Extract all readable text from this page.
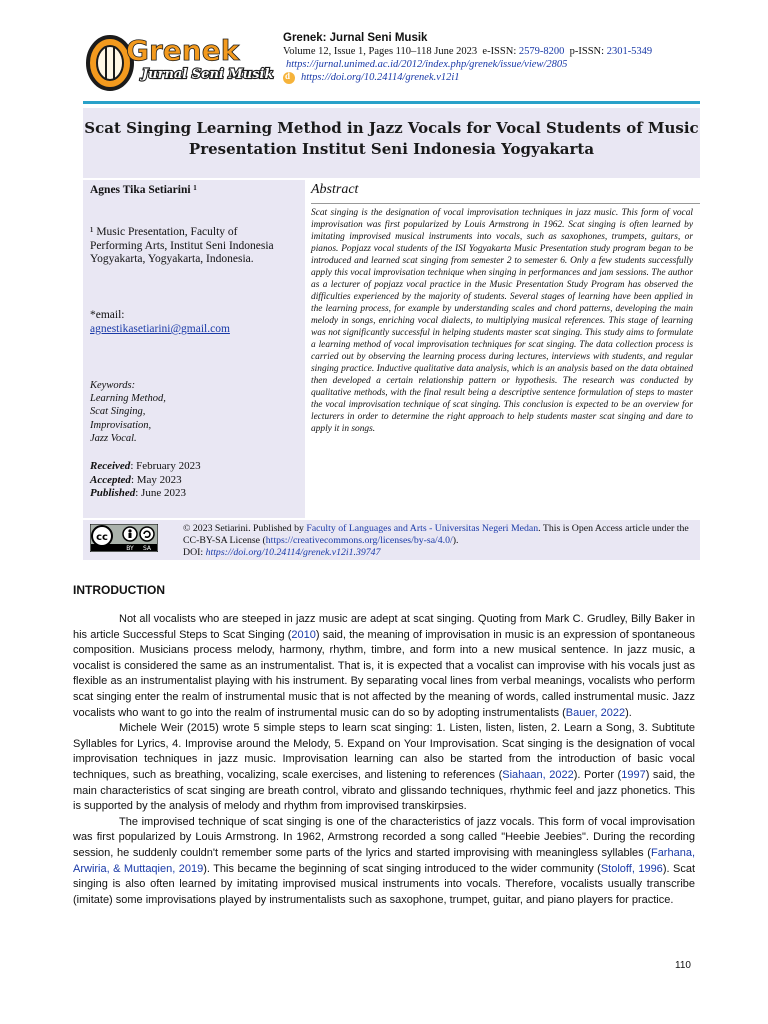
Grenek
Jurnal Seni Musik
Grenek: Jurnal Seni Musik
Volume 12, Issue 1, Pages 110–118 June 2023 e-ISSN: 2579-8200 p-ISSN: 2301-5349
https://jurnal.unimed.ac.id/2012/index.php/grenek/issue/view/2805
d
https://doi.org/10.24114/grenek.v12i1
Scat Singing Learning Method in Jazz Vocals for Vocal Students of Music Presentation Institut Seni Indonesia Yogyakarta
Agnes Tika Setiarini ¹
¹ Music Presentation, Faculty of Performing Arts, Institut Seni Indonesia Yogyakarta, Yogyakarta, Indonesia.
*email:
agnestikasetiarini@gmail.com
Keywords:
Learning Method,
Scat Singing,
Improvisation,
Jazz Vocal.
Received: February 2023
Accepted: May 2023
Published: June 2023
Abstract
Scat singing is the designation of vocal improvisation techniques in jazz music. This form of vocal improvisation was first popularized by Louis Armstrong in 1962. Scat singing is often learned by imitating improvised musical instruments into vocals, such as saxophones, trumpets, guitars, or pianos. Popjazz vocal students of the ISI Yogyakarta Music Presentation study program began to be introduced and learned scat singing from semester 2 to semester 6. Only a few students successfully apply this vocal improvisation technique when singing in performances and jam sessions. The author as a lecturer of popjazz vocal practice in the Music Presentation Study Program has observed the difficulties experienced by the majority of students. Several stages of learning have been applied in the learning process, for example by understanding scales and chord patterns, developing the main melody in songs, enriching vocal dialects, to multiplying musical references. This stage of learning was not significantly successful in helping students master scat singing. This study aims to formulate a learning method of vocal improvisation techniques for scat singing. The data collection process is carried out by observing the learning process during lectures, interviews with students, and regular singing practice. Inductive qualitative data analysis, which is an analysis based on the data obtained then developed a certain relationship pattern or hypothesis. The research was conducted by qualitative methods, with the final result being a descriptive sentence formulation of steps to master the vocal improvisation technique of scat singing. This conclusion is expected to be an overview for lecturers in order to determine the right approach to help students master scat singing and dare to apply it in songs.
cc
BY SA
© 2023 Setiarini. Published by Faculty of Languages and Arts - Universitas Negeri Medan. This is Open Access article under the CC-BY-SA License (https://creativecommons.org/licenses/by-sa/4.0/).
DOI: https://doi.org/10.24114/grenek.v12i1.39747
INTRODUCTION

Not all vocalists who are steeped in jazz music are adept at scat singing. Quoting from Mark C. Grudley, Billy Baker in his article Successful Steps to Scat Singing (2010) said, the meaning of improvisation in music is an expression of spontaneous composition. Musicians process melody, harmony, rhythm, timbre, and form into a new musical sentence. In jazz music, a vocalist is considered the same as an instrumentalist. That is, it is expected that a vocalist can improvise with his vocals just as flexible as an instrumentalist playing with his instrument. By separating vocal lines from verbal meanings, vocalists who perform scat singing enter the realm of instrumental music that is not affected by the meaning of words, called instrumental music. Jazz vocalists who want to go into the realm of instrumental music can do so by adopting instrumentalists (Bauer, 2022).

Michele Weir (2015) wrote 5 simple steps to learn scat singing: 1. Listen, listen, listen, 2. Learn a Song, 3. Subtitute Syllables for Lyrics, 4. Improvise around the Melody, 5. Expand on Your Improvisation. Scat singing is the designation of vocal improvisation techniques in jazz music. Improvisation learning can also be started from the introduction of basic vocal techniques, such as breathing, vocalizing, scale exercises, and listening to references (Siahaan, 2022). Porter (1997) said, the main characteristics of scat singing are breath control, vibrato and glissando techniques, rhythmic feel and jazz phonetics. This is supported by the analysis of melody and rhythm from improvised transkirpsies.

The improvised technique of scat singing is one of the characteristics of jazz vocals. This form of vocal improvisation was first popularized by Louis Armstrong. In 1962, Armstrong recorded a song called "Heebie Jeebies". During the recording session, he suddenly couldn't remember some parts of the lyrics and started improvising with meaningless syllables (Farhana, Arwiria, & Muttaqien, 2019). This became the beginning of scat singing introduced to the wider community (Stoloff, 1996). Scat singing is also often learned by imitating improvised musical instruments into vocals. Therefore, vocalists usually transcribe (imitate) some improvisations played by instrumentalists such as saxophone, trumpet, guitar, and piano players for practice.

110
